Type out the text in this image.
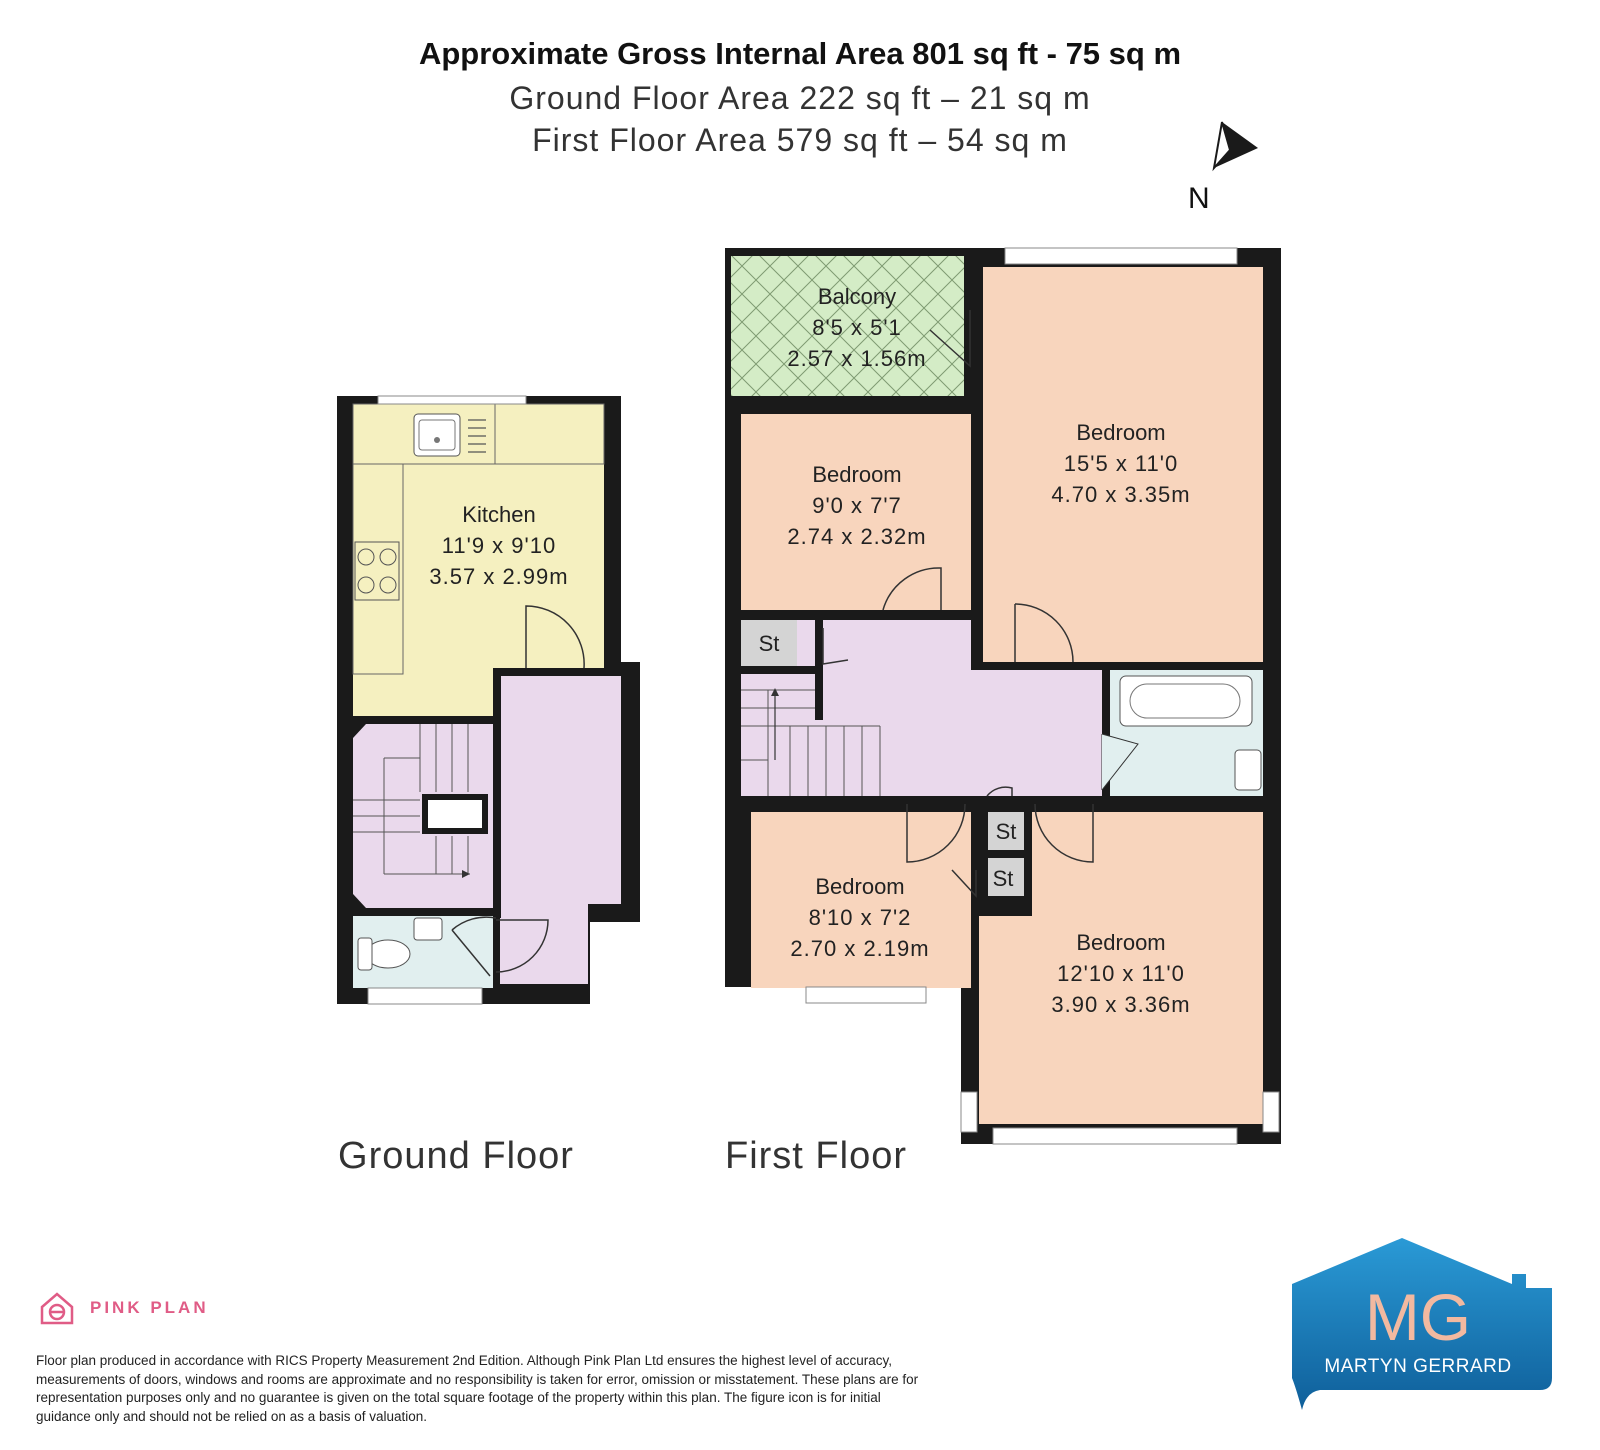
Approximate Gross Internal Area 801 sq ft - 75 sq m
Ground Floor Area 222 sq ft – 21 sq m
First Floor Area 579 sq ft – 54 sq m
N
Kitchen
11'9 x 9'10
3.57 x 2.99m
Balcony
8'5 x 5'1
2.57 x 1.56m
Bedroom
9'0 x 7'7
2.74 x 2.32m
Bedroom
15'5 x 11'0
4.70 x 3.35m
Bedroom
8'10 x 7'2
2.70 x 2.19m	Bedroom
12'10 x 11'0
3.90 x 3.36m
St
St
St
Ground Floor	First Floor
PINK PLAN
Floor plan produced in accordance with RICS Property Measurement 2nd Edition. Although Pink Plan Ltd ensures the highest level of accuracy, measurements of doors, windows and rooms are approximate and no responsibility is taken for error, omission or misstatement. These plans are for representation purposes only and no guarantee is given on the total square footage of the property within this plan. The figure icon is for initial guidance only and should not be relied on as a basis of valuation.
MG
MARTYN GERRARD
